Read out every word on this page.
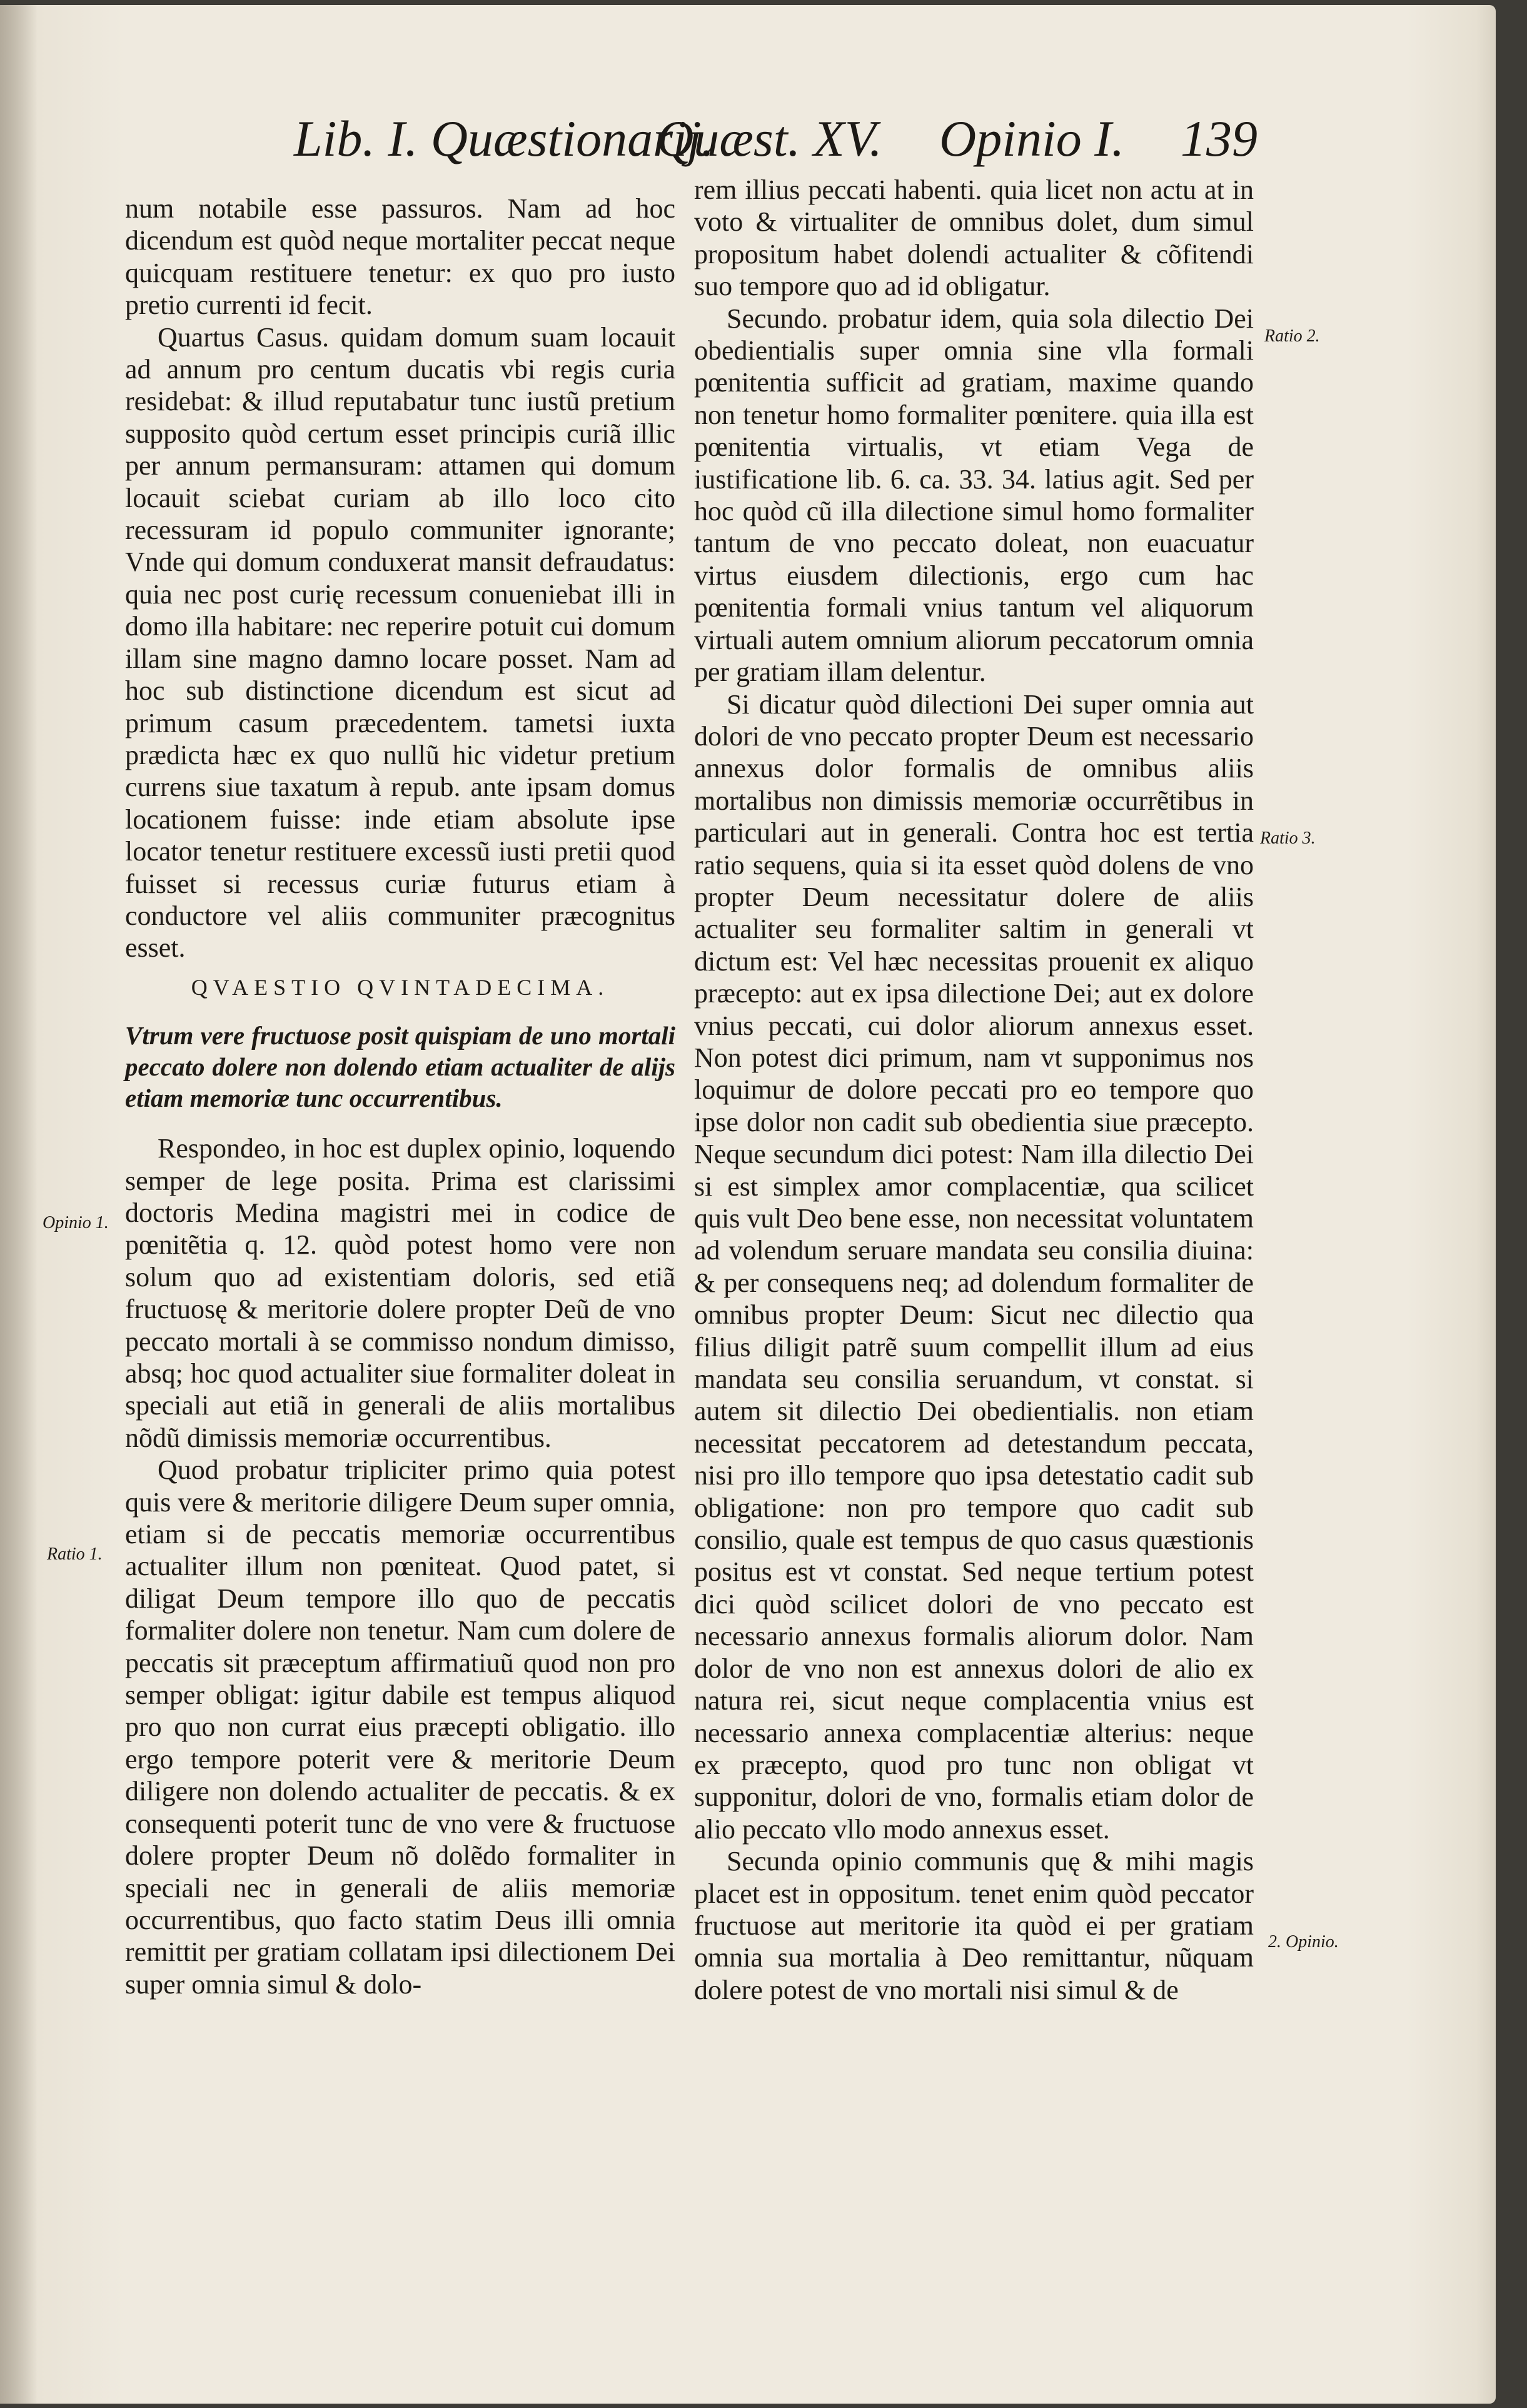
Lib. I. Quæstionarij.
Quæst. XV. Opinio I. 139

num notabile esse passuros. Nam ad hoc dicendum est quòd neque mortaliter peccat neque quicquam restituere tenetur: ex quo pro iusto pretio currenti id fecit.

Quartus Casus. quidam domum suam locauit ad annum pro centum ducatis vbi regis curia residebat: & illud reputabatur tunc iustũ pretium supposito quòd certum esset principis curiã illic per annum permansuram: attamen qui domum locauit sciebat curiam ab illo loco cito recessuram id populo communiter ignorante; Vnde qui domum conduxerat mansit defraudatus: quia nec post curię recessum conueniebat illi in domo illa habitare: nec reperire potuit cui domum illam sine magno damno locare posset. Nam ad hoc sub distinctione dicendum est sicut ad primum casum præcedentem. tametsi iuxta prædicta hæc ex quo nullũ hic videtur pretium currens siue taxatum à repub. ante ipsam domus locationem fuisse: inde etiam absolute ipse locator tenetur restituere excessũ iusti pretii quod fuisset si recessus curiæ futurus etiam à conductore vel aliis communiter præcognitus esset.

QVAESTIO QVINTADECIMA.

Vtrum vere fructuose posit quispiam de uno mortali peccato dolere non dolendo etiam actualiter de alijs etiam memoriæ tunc occurrentibus.

Respondeo, in hoc est duplex opinio, loquendo semper de lege posita. Prima est clarissimi doctoris Medina magistri mei in codice de pœnitẽtia q. 12. quòd potest homo vere non solum quo ad existentiam doloris, sed etiã fructuosę & meritorie dolere propter Deũ de vno peccato mortali à se commisso nondum dimisso, absq; hoc quod actualiter siue formaliter doleat in speciali aut etiã in generali de aliis mortalibus nõdũ dimissis memoriæ occurrentibus.

Quod probatur tripliciter primo quia potest quis vere & meritorie diligere Deum super omnia, etiam si de peccatis memoriæ occurrentibus actualiter illum non pœniteat. Quod patet, si diligat Deum tempore illo quo de peccatis formaliter dolere non tenetur. Nam cum dolere de peccatis sit præceptum affirmatiuũ quod non pro semper obligat: igitur dabile est tempus aliquod pro quo non currat eius præcepti obligatio. illo ergo tempore poterit vere & meritorie Deum diligere non dolendo actualiter de peccatis. & ex consequenti poterit tunc de vno vere & fructuose dolere propter Deum nõ dolẽdo formaliter in speciali nec in generali de aliis memoriæ occurrentibus, quo facto statim Deus illi omnia remittit per gratiam collatam ipsi dilectionem Dei super omnia simul & dolo-

rem illius peccati habenti. quia licet non actu at in voto & virtualiter de omnibus dolet, dum simul propositum habet dolendi actualiter & cõfitendi suo tempore quo ad id obligatur.

Secundo. probatur idem, quia sola dilectio Dei obedientialis super omnia sine vlla formali pœnitentia sufficit ad gratiam, maxime quando non tenetur homo formaliter pœnitere. quia illa est pœnitentia virtualis, vt etiam Vega de iustificatione lib. 6. ca. 33. 34. latius agit. Sed per hoc quòd cũ illa dilectione simul homo formaliter tantum de vno peccato doleat, non euacuatur virtus eiusdem dilectionis, ergo cum hac pœnitentia formali vnius tantum vel aliquorum virtuali autem omnium aliorum peccatorum omnia per gratiam illam delentur.

Si dicatur quòd dilectioni Dei super omnia aut dolori de vno peccato propter Deum est necessario annexus dolor formalis de omnibus aliis mortalibus non dimissis memoriæ occurrẽtibus in particulari aut in generali. Contra hoc est tertia ratio sequens, quia si ita esset quòd dolens de vno propter Deum necessitatur dolere de aliis actualiter seu formaliter saltim in generali vt dictum est: Vel hæc necessitas prouenit ex aliquo præcepto: aut ex ipsa dilectione Dei; aut ex dolore vnius peccati, cui dolor aliorum annexus esset. Non potest dici primum, nam vt supponimus nos loquimur de dolore peccati pro eo tempore quo ipse dolor non cadit sub obedientia siue præcepto. Neque secundum dici potest: Nam illa dilectio Dei si est simplex amor complacentiæ, qua scilicet quis vult Deo bene esse, non necessitat voluntatem ad volendum seruare mandata seu consilia diuina: & per consequens neq; ad dolendum formaliter de omnibus propter Deum: Sicut nec dilectio qua filius diligit patrẽ suum compellit illum ad eius mandata seu consilia seruandum, vt constat. si autem sit dilectio Dei obedientialis. non etiam necessitat peccatorem ad detestandum peccata, nisi pro illo tempore quo ipsa detestatio cadit sub obligatione: non pro tempore quo cadit sub consilio, quale est tempus de quo casus quæstionis positus est vt constat. Sed neque tertium potest dici quòd scilicet dolori de vno peccato est necessario annexus formalis aliorum dolor. Nam dolor de vno non est annexus dolori de alio ex natura rei, sicut neque complacentia vnius est necessario annexa complacentiæ alterius: neque ex præcepto, quod pro tunc non obligat vt supponitur, dolori de vno, formalis etiam dolor de alio peccato vllo modo annexus esset.

Secunda opinio communis quę & mihi magis placet est in oppositum. tenet enim quòd peccator fructuose aut meritorie ita quòd ei per gratiam omnia sua mortalia à Deo remittantur, nũquam dolere potest de vno mortali nisi simul & de

Opinio 1.
Ratio 1.
Ratio 2.
Ratio 3.
2. Opinio.
